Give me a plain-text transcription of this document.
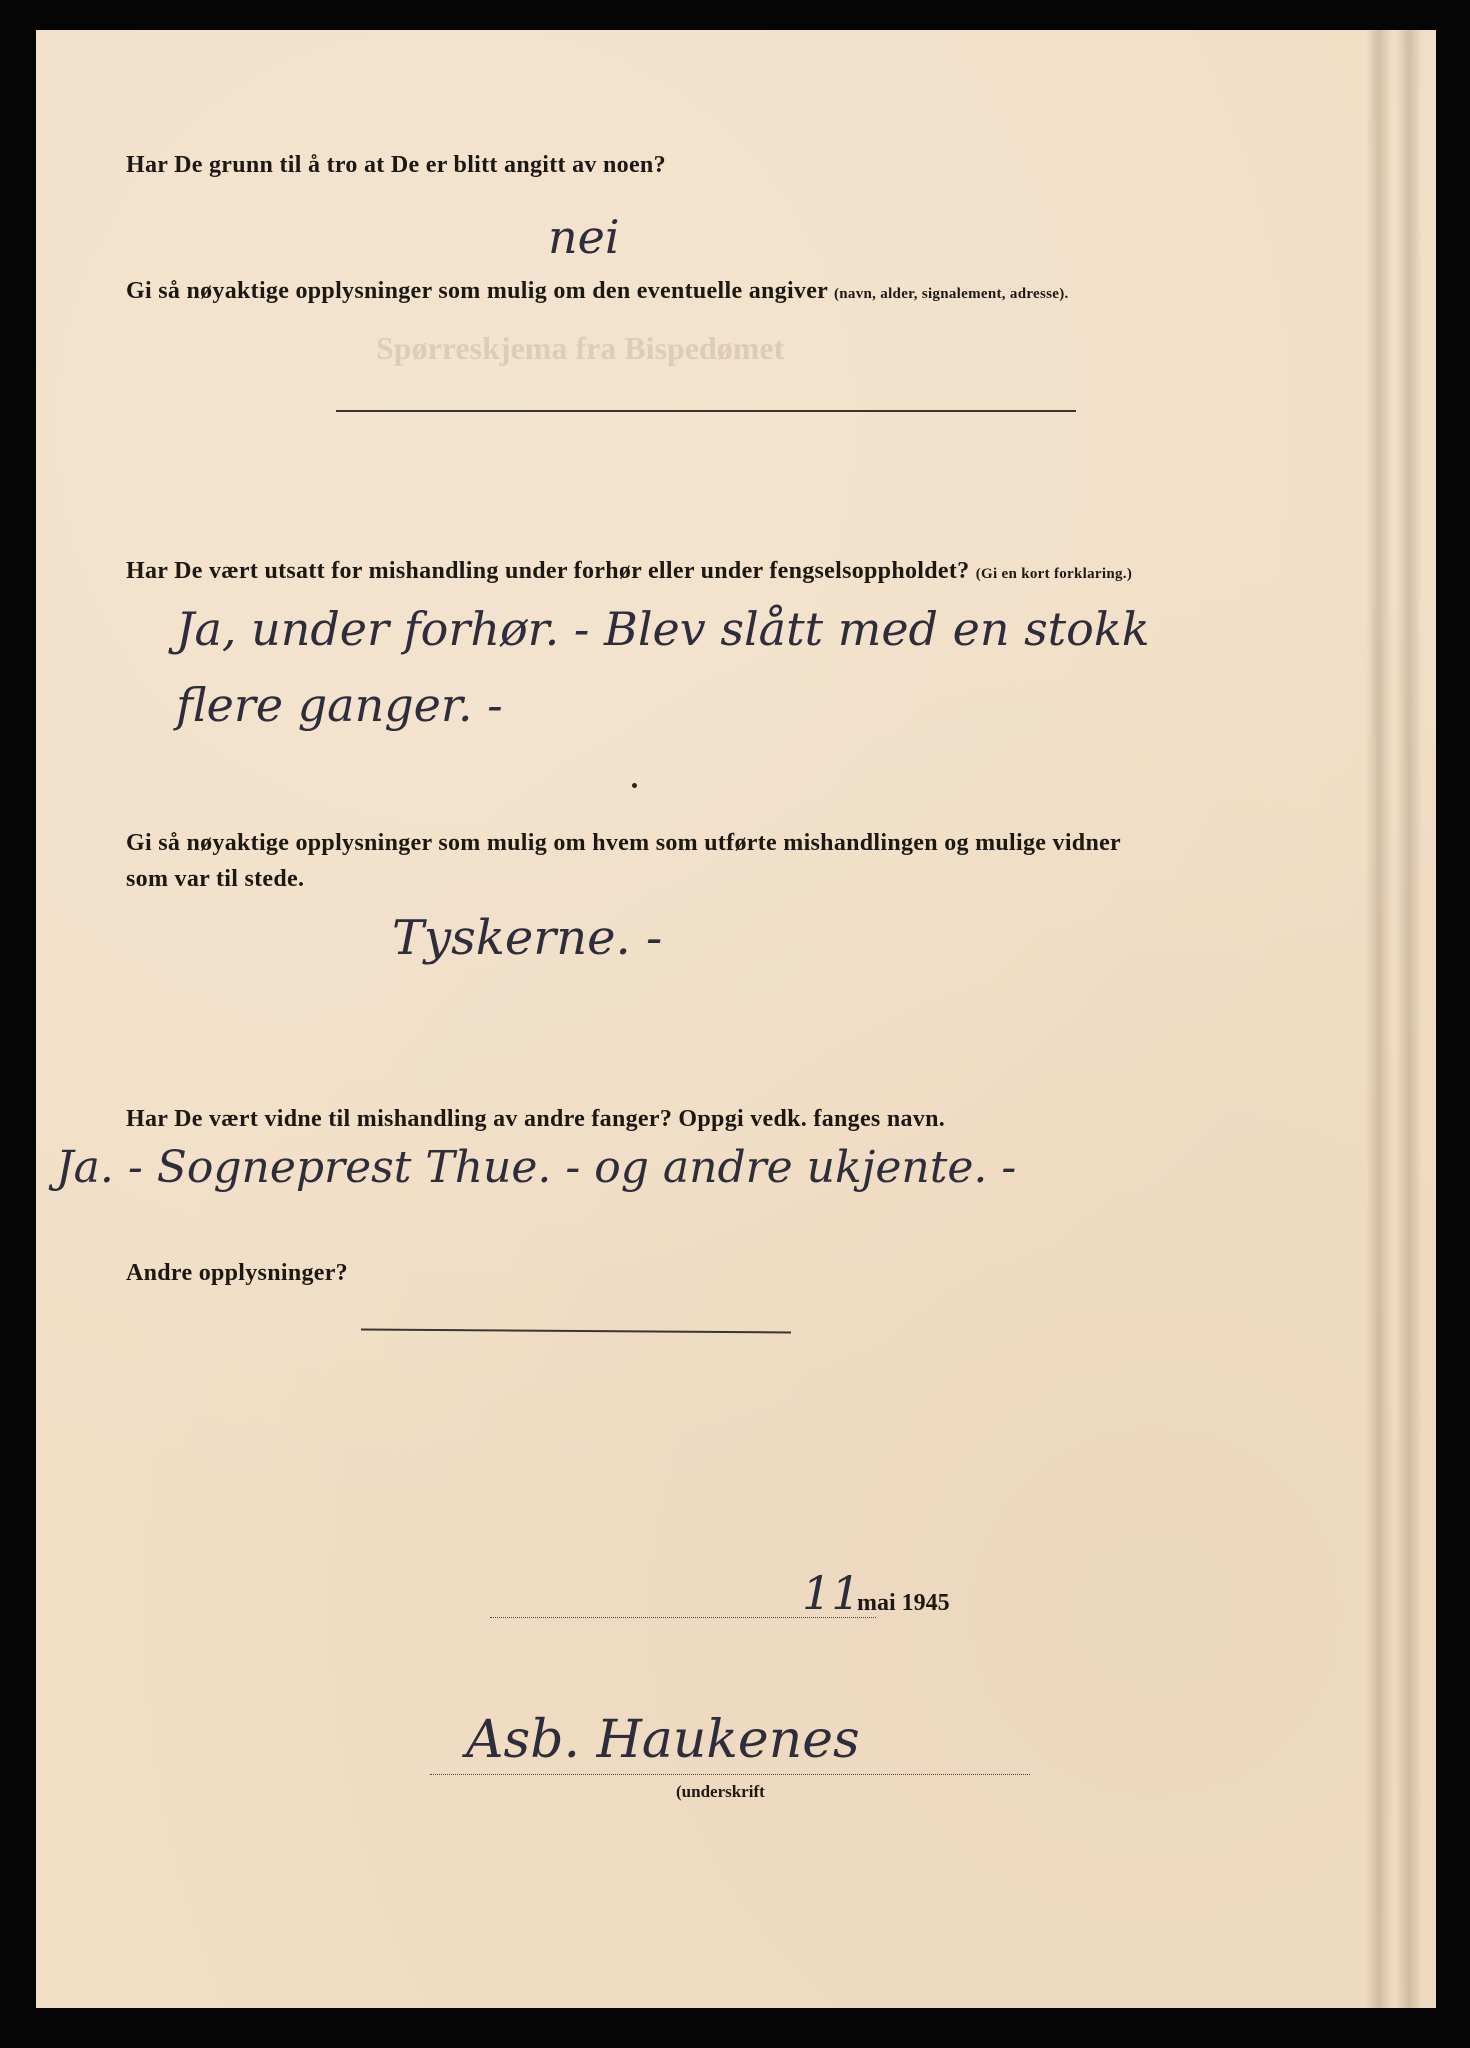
Spørreskjema fra Bispedømet
Har De grunn til å tro at De er blitt angitt av noen?
nei
Gi så nøyaktige opplysninger som mulig om den eventuelle angiver (navn, alder, signalement, adresse).
Har De vært utsatt for mishandling under forhør eller under fengselsoppholdet? (Gi en kort forklaring.)
Ja, under forhør. - Blev slått med en stokk
flere ganger. -
Gi så nøyaktige opplysninger som mulig om hvem som utførte mishandlingen og mulige vidner
som var til stede.
Tyskerne. -
Har De vært vidne til mishandling av andre fanger? Oppgi vedk. fanges navn.
Ja. - Sogneprest Thue. - og andre ukjente. -
Andre opplysninger?
11
mai 1945
Asb. Haukenes
(underskrift
